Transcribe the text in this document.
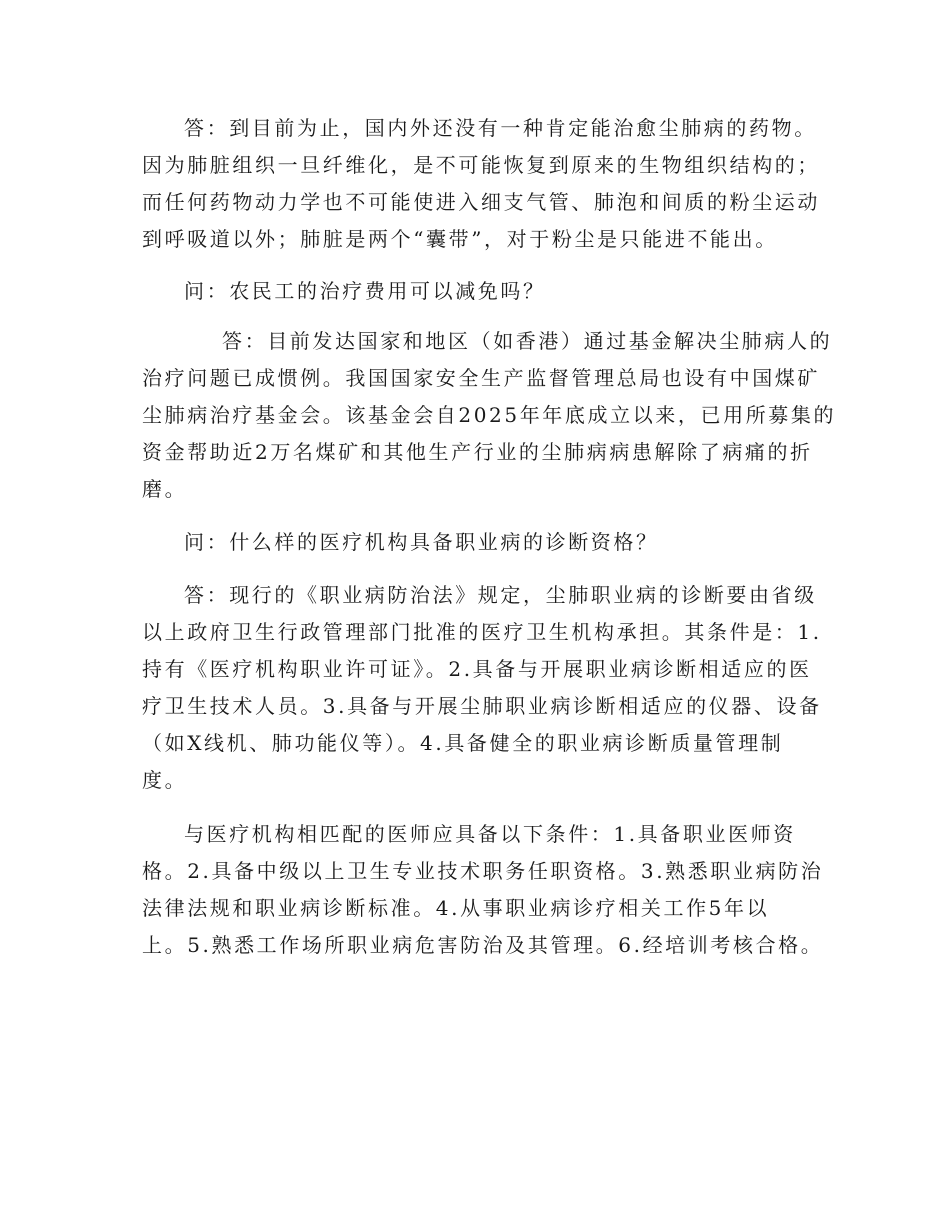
答：到目前为止，国内外还没有一种肯定能治愈尘肺病的药物。
因为肺脏组织一旦纤维化，是不可能恢复到原来的生物组织结构的；
而任何药物动力学也不可能使进入细支气管、肺泡和间质的粉尘运动
到呼吸道以外；肺脏是两个“囊带”，对于粉尘是只能进不能出。
问：农民工的治疗费用可以减免吗？
答：目前发达国家和地区（如香港）通过基金解决尘肺病人的
治疗问题已成惯例。我国国家安全生产监督管理总局也设有中国煤矿
尘肺病治疗基金会。该基金会自2025年年底成立以来，已用所募集的
资金帮助近2万名煤矿和其他生产行业的尘肺病病患解除了病痛的折
磨。
问：什么样的医疗机构具备职业病的诊断资格？
答：现行的《职业病防治法》规定，尘肺职业病的诊断要由省级
以上政府卫生行政管理部门批准的医疗卫生机构承担。其条件是：1.
持有《医疗机构职业许可证》。2.具备与开展职业病诊断相适应的医
疗卫生技术人员。3.具备与开展尘肺职业病诊断相适应的仪器、设备
（如X线机、肺功能仪等）。4.具备健全的职业病诊断质量管理制
度。
与医疗机构相匹配的医师应具备以下条件：1.具备职业医师资
格。2.具备中级以上卫生专业技术职务任职资格。3.熟悉职业病防治
法律法规和职业病诊断标准。4.从事职业病诊疗相关工作5年以
上。5.熟悉工作场所职业病危害防治及其管理。6.经培训考核合格。
